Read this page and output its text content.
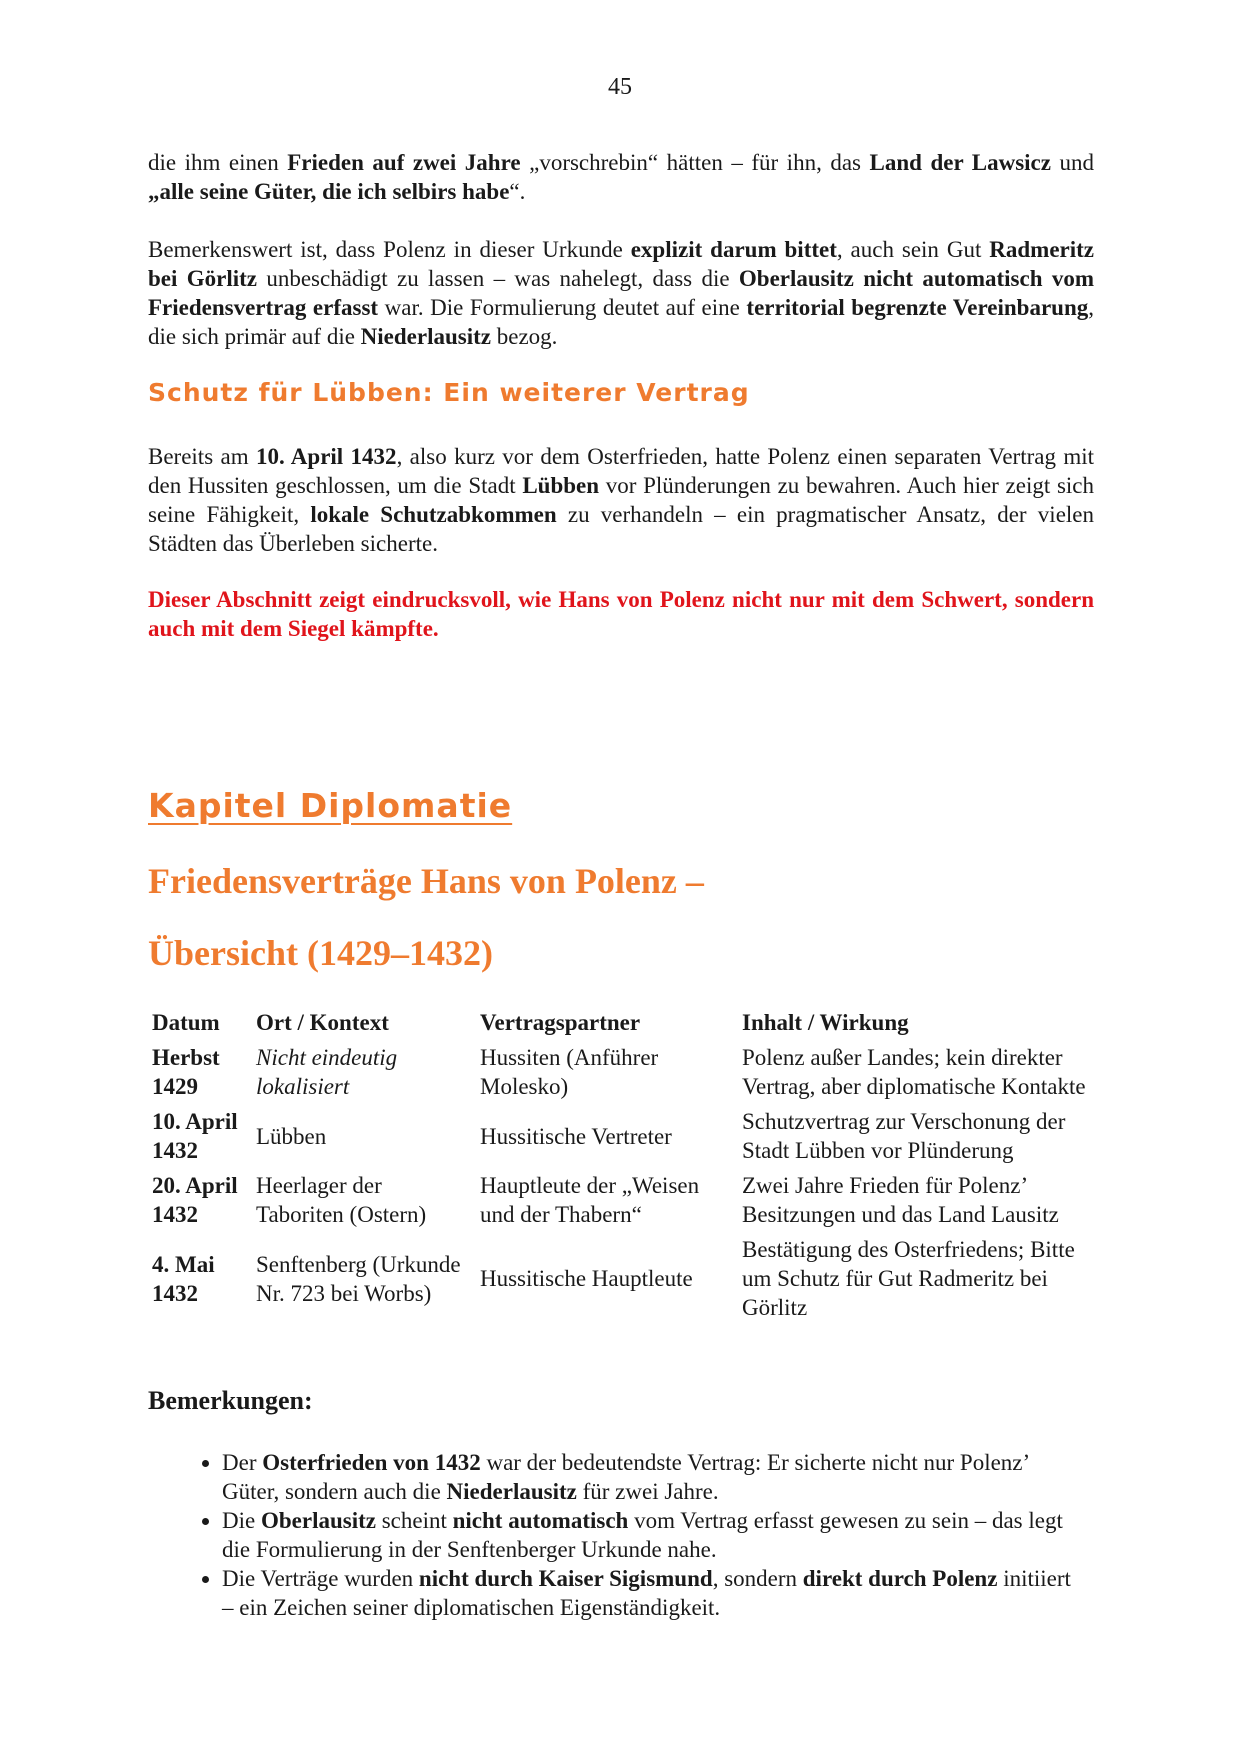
45

die ihm einen Frieden auf zwei Jahre „vorschrebin“ hätten – für ihn, das Land der Lawsicz und „alle seine Güter, die ich selbirs habe“.

Bemerkenswert ist, dass Polenz in dieser Urkunde explizit darum bittet, auch sein Gut Radmeritz bei Görlitz unbeschädigt zu lassen – was nahelegt, dass die Oberlausitz nicht automatisch vom Friedensvertrag erfasst war. Die Formulierung deutet auf eine territorial begrenzte Vereinbarung, die sich primär auf die Niederlausitz bezog.

Schutz für Lübben: Ein weiterer Vertrag

Bereits am 10. April 1432, also kurz vor dem Osterfrieden, hatte Polenz einen separaten Vertrag mit den Hussiten geschlossen, um die Stadt Lübben vor Plünderungen zu bewahren. Auch hier zeigt sich seine Fähigkeit, lokale Schutzabkommen zu verhandeln – ein pragmatischer Ansatz, der vielen Städten das Überleben sicherte.

Dieser Abschnitt zeigt eindrucksvoll, wie Hans von Polenz nicht nur mit dem Schwert, sondern auch mit dem Siegel kämpfte.

Kapitel Diplomatie
Friedensverträge Hans von Polenz –
Übersicht (1429–1432)
Datum	Ort / Kontext	Vertragspartner	Inhalt / Wirkung
Herbst 1429	Nicht eindeutig lokalisiert	Hussiten (Anführer Molesko)	Polenz außer Landes; kein direkter Vertrag, aber diplomatische Kontakte
10. April 1432	Lübben	Hussitische Vertreter	Schutzvertrag zur Verschonung der Stadt Lübben vor Plünderung
20. April 1432	Heerlager der Taboriten (Ostern)	Hauptleute der „Weisen und der Thabern“	Zwei Jahre Frieden für Polenz’ Besitzungen und das Land Lausitz
4. Mai 1432	Senftenberg (Urkunde Nr. 723 bei Worbs)	Hussitische Hauptleute	Bestätigung des Osterfriedens; Bitte um Schutz für Gut Radmeritz bei Görlitz
Bemerkungen:
• Der Osterfrieden von 1432 war der bedeutendste Vertrag: Er sicherte nicht nur Polenz’ Güter, sondern auch die Niederlausitz für zwei Jahre.
• Die Oberlausitz scheint nicht automatisch vom Vertrag erfasst gewesen zu sein – das legt die Formulierung in der Senftenberger Urkunde nahe.
• Die Verträge wurden nicht durch Kaiser Sigismund, sondern direkt durch Polenz initiiert – ein Zeichen seiner diplomatischen Eigenständigkeit.
